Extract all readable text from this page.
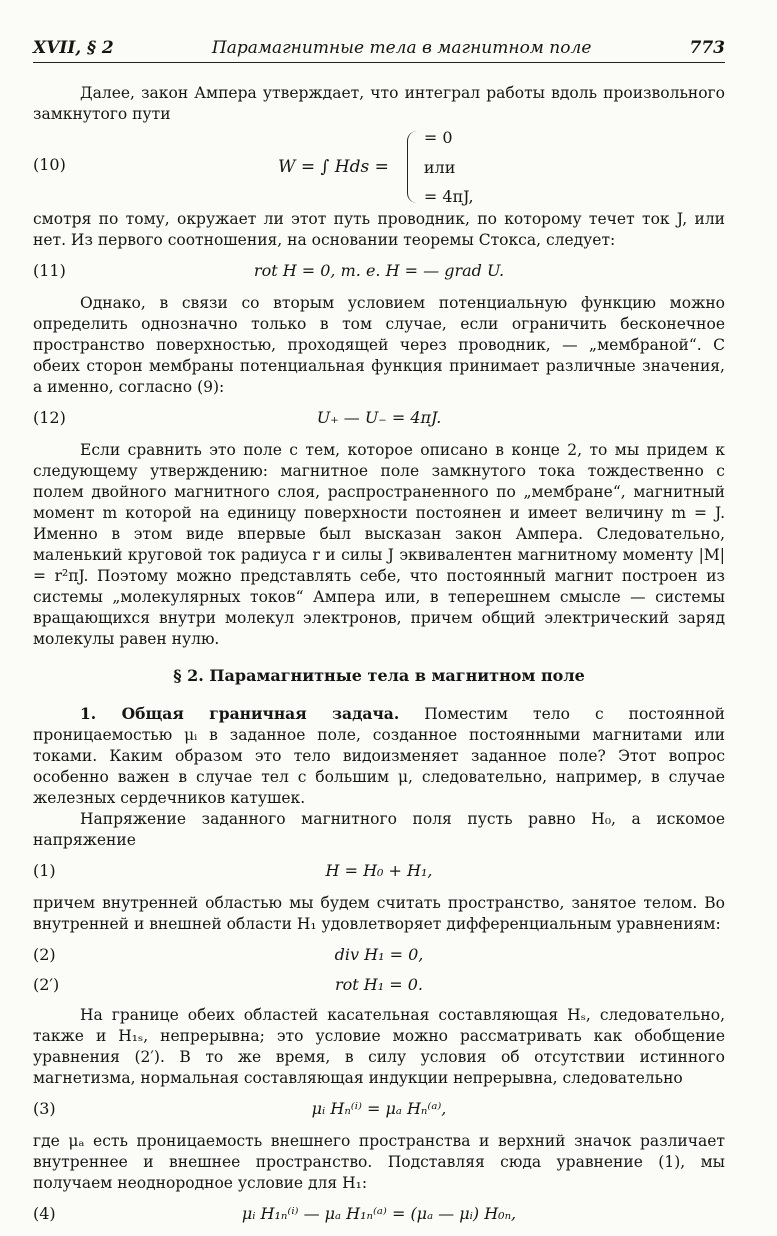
XVII, § 2	Парамагнитные тела в магнитном поле	773

Далее, закон Ампера утверждает, что интеграл работы вдоль произвольного замкнутого пути

(10)	W = ∫ Hds =
= 0
или
= 4πJ,

смотря по тому, окружает ли этот путь проводник, по которому течет ток J, или нет. Из первого соотношения, на основании теоремы Стокса, следует:

(11)	rot H = 0, т. е. H = — grad U.

Однако, в связи со вторым условием потенциальную функцию можно определить однозначно только в том случае, если ограничить бесконечное пространство поверхностью, проходящей через проводник, — „мембраной“. С обеих сторон мембраны потенциальная функция принимает различные значения, а именно, согласно (9):

(12)	U₊ — U₋ = 4πJ.

Если сравнить это поле с тем, которое описано в конце 2, то мы придем к следующему утверждению: магнитное поле замкнутого тока тождественно с полем двойного магнитного слоя, распространенного по „мембране“, магнитный момент m которой на единицу поверхности постоянен и имеет величину m = J. Именно в этом виде впервые был высказан закон Ампера. Следовательно, маленький круговой ток радиуса r и силы J эквивалентен магнитному моменту |M| = r²πJ. Поэтому можно представлять себе, что постоянный магнит построен из системы „молекулярных токов“ Ампера или, в теперешнем смысле — системы вращающихся внутри молекул электронов, причем общий электрический заряд молекулы равен нулю.

§ 2. Парамагнитные тела в магнитном поле

1. Общая граничная задача. Поместим тело с постоянной проницаемостью μᵢ в заданное поле, созданное постоянными магнитами или токами. Каким образом это тело видоизменяет заданное поле? Этот вопрос особенно важен в случае тел с большим μ, следовательно, например, в случае железных сердечников катушек.

Напряжение заданного магнитного поля пусть равно H₀, а искомое напряжение

(1)	H = H₀ + H₁,

причем внутренней областью мы будем считать пространство, занятое телом. Во внутренней и внешней области H₁ удовлетворяет дифференциальным уравнениям:

(2)	div H₁ = 0,
(2′)	rot H₁ = 0.

На границе обеих областей касательная составляющая Hₛ, следовательно, также и H₁ₛ, непрерывна; это условие можно рассматривать как обобщение уравнения (2′). В то же время, в силу условия об отсутствии истинного магнетизма, нормальная составляющая индукции непрерывна, следовательно

(3)	μᵢ Hₙ⁽ⁱ⁾ = μₐ Hₙ⁽ᵃ⁾,

где μₐ есть проницаемость внешнего пространства и верхний значок различает внутреннее и внешнее пространство. Подставляя сюда уравнение (1), мы получаем неоднородное условие для H₁:

(4)	μᵢ H₁ₙ⁽ⁱ⁾ — μₐ H₁ₙ⁽ᵃ⁾ = (μₐ — μᵢ) H₀ₙ,
